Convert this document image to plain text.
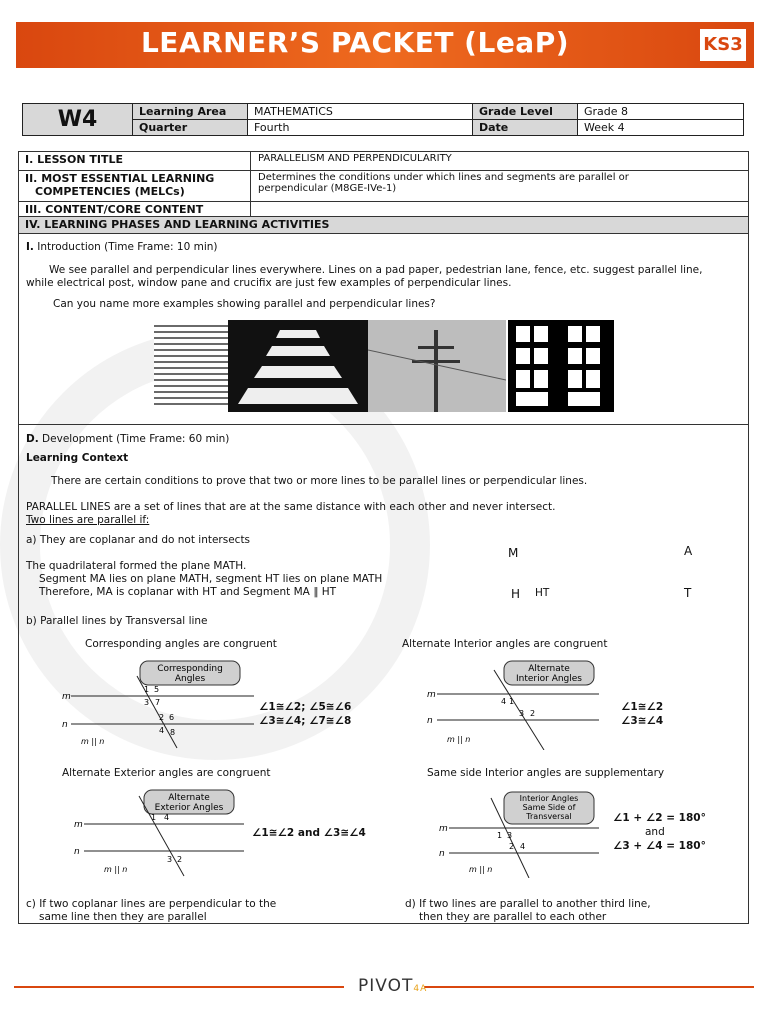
LEARNER’S PACKET (LeaP)	KS3
W4	Learning Area	MATHEMATICS	Grade Level	Grade 8
	Quarter	Fourth	Date	Week 4
I. LESSON TITLE	PARALLELISM AND PERPENDICULARITY
II. MOST ESSENTIAL LEARNING
COMPETENCIES (MELCs)
Determines the conditions under which lines and segments are parallel or
perpendicular (M8GE-IVe-1)
III. CONTENT/CORE CONTENT
IV. LEARNING PHASES AND LEARNING ACTIVITIES
I. Introduction (Time Frame: 10 min)
We see parallel and perpendicular lines everywhere. Lines on a pad paper, pedestrian lane, fence, etc. suggest parallel line,
while electrical post, window pane and crucifix are just few examples of perpendicular lines.
Can you name more examples showing parallel and perpendicular lines?
D. Development (Time Frame: 60 min)
Learning Context
There are certain conditions to prove that two or more lines to be parallel lines or perpendicular lines.
PARALLEL LINES are a set of lines that are at the same distance with each other and never intersect.
Two lines are parallel if:
a) They are coplanar and do not intersects
The quadrilateral formed the plane MATH.
Segment MA lies on plane MATH, segment HT lies on plane MATH
Therefore, MA is coplanar with HT and Segment MA ∥ HT
M	A
H HT	T
b) Parallel lines by Transversal line
Corresponding angles are congruent	Alternate Interior angles are congruent
Corresponding
Angles
m
n
1 5
3 7
2 6
4 8
m || n
∠1≅∠2; ∠5≅∠6
∠3≅∠4; ∠7≅∠8
Alternate
Interior Angles
m
n
1
4
3 2
m || n
∠1≅∠2
∠3≅∠4
Alternate Exterior angles are congruent	Same side Interior angles are supplementary
Alternate
Exterior Angles
m
n
1 4
3 2
m || n
∠1≅∠2 and ∠3≅∠4
Interior Angles
Same Side of
Transversal
m
n
1 3
2 4
m || n
∠1 + ∠2 = 180°
and
∠3 + ∠4 = 180°
c) If two coplanar lines are perpendicular to the
same line then they are parallel
d) If two lines are parallel to another third line,
then they are parallel to each other
PIVOT4A
